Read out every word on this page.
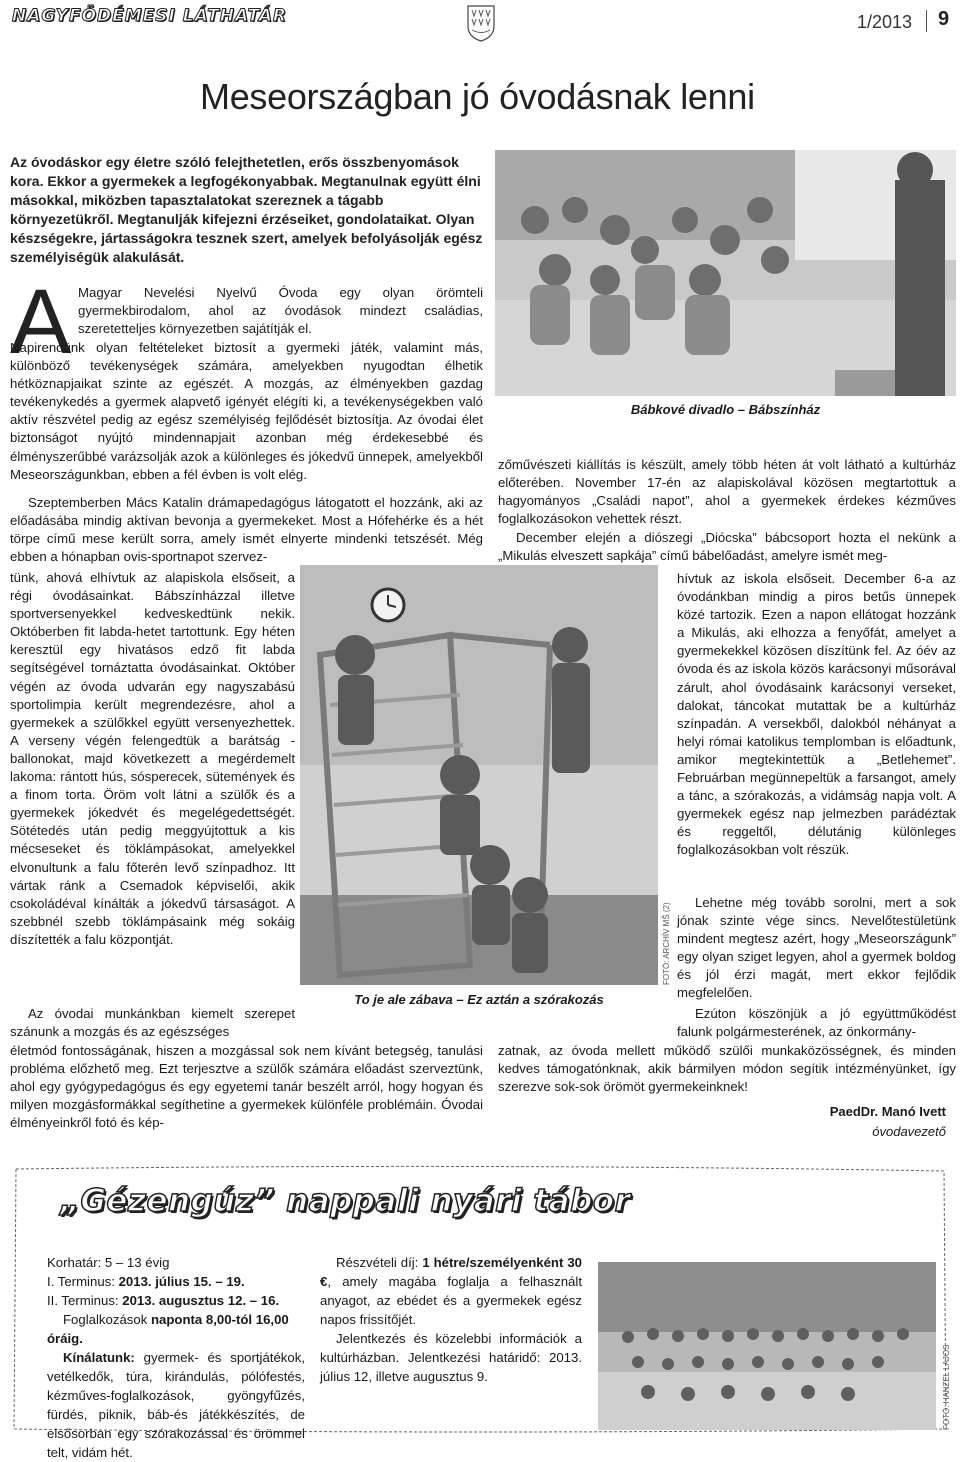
NAGYFÖDÉMESI LÁTHATÁR	1/2013 9
Meseországban jó óvodásnak lenni

Az óvodáskor egy életre szóló felejthetetlen, erős összbenyomások kora. Ekkor a gyermekek a legfogékonyabbak. Megtanulnak együtt élni másokkal, miközben tapasztalatokat szereznek a tágabb környezetükről. Megtanulják kifejezni érzéseiket, gondolataikat. Olyan készségekre, jártasságokra tesznek szert, amelyek befolyásolják egész személyiségük alakulását.

Bábkové divadlo – Bábszínház
A Magyar Nevelési Nyelvű Óvoda egy olyan örömteli gyermekbirodalom, ahol az óvodások mindezt családias, szeretetteljes környezetben sajátítják el.

Napirendünk olyan feltételeket biztosít a gyermeki játék, valamint más, különböző tevékenységek számára, amelyekben nyugodtan élhetik hétköznapjaikat szinte az egészét. A mozgás, az élményekben gazdag tevékenykedés a gyermek alapvető igényét elégíti ki, a tevékenységekben való aktív részvétel pedig az egész személyiség fejlődését biztosítja. Az óvodai élet biztonságot nyújtó mindennapjait azonban még érdekesebbé és élményszerűbbé varázsolják azok a különleges és jókedvű ünnepek, amelyekből Meseországunkban, ebben a fél évben is volt elég.

Szeptemberben Mács Katalin drámapedagógus látogatott el hozzánk, aki az előadásába mindig aktívan bevonja a gyermekeket. Most a Hófehérke és a hét törpe című mese került sorra, amely ismét elnyerte mindenki tetszését. Még ebben a hónapban ovis-sportnapot szervez-

tünk, ahová elhívtuk az alapiskola elsőseit, a régi óvodásainkat. Bábszínházzal illetve sportversenyekkel kedveskedtünk nekik. Októberben fit labda-hetet tartottunk. Egy héten keresztül egy hivatásos edző fit labda segítségével tornáztatta óvodásainkat. Október végén az óvoda udvarán egy nagyszabású sportolimpia került megrendezésre, ahol a gyermekek a szülőkkel együtt versenyezhettek. A verseny végén felengedtük a barátság - ballonokat, majd következett a megérdemelt lakoma: rántott hús, sósperecek, sütemények és a finom torta. Öröm volt látni a szülők és a gyermekek jókedvét és megelégedettségét. Sötétedés után pedig meggyújtottuk a kis mécseseket és töklámpásokat, amelyekkel elvonultunk a falu főterén levő színpadhoz. Itt vártak ránk a Csemadok képviselői, akik csokoládéval kínálták a jókedvű társaságot. A szebbnél szebb töklámpásaink még sokáig díszítették a falu központját.

Az óvodai munkánkban kiemelt szerepet szánunk a mozgás és az egészséges

életmód fontosságának, hiszen a mozgással sok nem kívánt betegség, tanulási probléma előzhető meg. Ezt terjesztve a szülők számára előadást szerveztünk, ahol egy gyógypedagógus és egy egyetemi tanár beszélt arról, hogy hogyan és milyen mozgásformákkal segíthetine a gyermekek különféle problémáin. Óvodai élményeinkről fotó és kép-

To je ale zábava – Ez aztán a szórakozás
FOTÓ: ARCHÍV MŠ (2)

zőművészeti kiállítás is készült, amely több héten át volt látható a kultúrház előterében. November 17-én az alapiskolával közösen megtartottuk a hagyományos „Családi napot”, ahol a gyermekek érdekes kézműves foglalkozásokon vehettek részt.

December elején a diószegi „Diócska” bábcsoport hozta el nekünk a „Mikulás elveszett sapkája” című bábelőadást, amelyre ismét meg-

hívtuk az iskola elsőseit. December 6-a az óvodánkban mindig a piros betűs ünnepek közé tartozik. Ezen a napon ellátogat hozzánk a Mikulás, aki elhozza a fenyőfát, amelyet a gyermekekkel közösen díszítünk fel. Az óév az óvoda és az iskola közös karácsonyi műsorával zárult, ahol óvodásaink karácsonyi verseket, dalokat, táncokat mutattak be a kultúrház színpadán. A versekből, dalokból néhányat a helyi római katolikus templomban is előadtunk, amikor megtekintettük a „Betlehemet”. Februárban megünnepeltük a farsangot, amely a tánc, a szórakozás, a vidámság napja volt. A gyermekek egész nap jelmezben parádéztak és reggeltől, délutánig különleges foglalkozásokban volt részük.

Lehetne még tovább sorolni, mert a sok jónak szinte vége sincs. Nevelőtestületünk mindent megtesz azért, hogy „Meseországunk” egy olyan sziget legyen, ahol a gyermek boldog és jól érzi magát, mert ekkor fejlődik megfelelően.

Ezúton köszönjük a jó együttműködést falunk polgármesterének, az önkormány-

zatnak, az óvoda mellett működő szülői munkaközösségnek, és minden kedves támogatónknak, akik bármilyen módon segítik intézményünket, így szerezve sok-sok örömöt gyermekeinknek!

PaedDr. Manó Ivett
óvodavezető
„Gézengúz” nappali nyári tábor

Korhatár: 5 – 13 évig

I. Terminus: 2013. július 15. – 19.

II. Terminus: 2013. augusztus 12. – 16.

Foglalkozások naponta 8,00-tól 16,00 óráig.

Kínálatunk: gyermek- és sportjátékok, vetélkedők, túra, kirándulás, pólófestés, kézműves-foglalkozások, gyöngyfűzés, fürdés, piknik, báb-és játékkészítés, de elsősorban egy szórakozással és örömmel telt, vidám hét.

Részvételi díj: 1 hétre/személyenként 30 €, amely magába foglalja a felhasznált anyagot, az ebédet és a gyermekek egész napos frissítőjét.

Jelentkezés és közelebbi információk a kultúrházban. Jelentkezési határidő: 2013. július 12, illetve augusztus 9.	FOTÓ: HANZEL LAJOS
